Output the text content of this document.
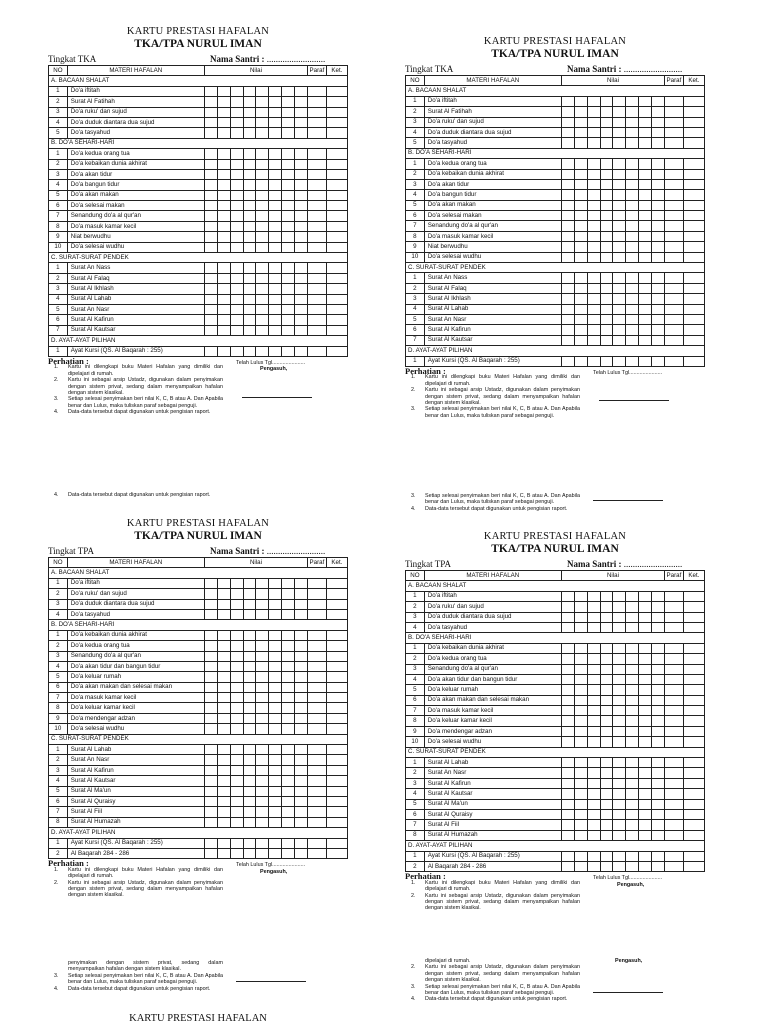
KARTU PRESTASI HAFALAN
TKA/TPA NURUL IMAN
Tingkat TKA	Nama Santri : ..........................
NO	MATERI HAFALAN	Nilai								Paraf	Ket.
A. BACAAN SHALAT											
1	Do'a iftitah										
2	Surat Al Fatihah										
3	Do'a ruku' dan sujud										
4	Do'a duduk diantara dua sujud										
5	Do'a tasyahud										
B. DO'A SEHARI-HARI											
1	Do'a kedua orang tua										
2	Do'a kebaikan dunia akhirat										
3	Do'a akan tidur										
4	Do'a bangun tidur										
5	Do'a akan makan										
6	Do'a selesai makan										
7	Senandung do'a al qur'an										
8	Do'a masuk kamar kecil										
9	Niat berwudhu										
10	Do'a selesai wudhu										
C. SURAT-SURAT PENDEK											
1	Surat An Nass										
2	Surat Al Falaq										
3	Surat Al Ikhlash										
4	Surat Al Lahab										
5	Surat An Nasr										
6	Surat Al Kafirun										
7	Surat Al Kautsar										
D. AYAT-AYAT PILIHAN											
1	Ayat Kursi (QS. Al Baqarah : 255)										
Perhatian :
1. Kartu ini dilengkapi buku Materi Hafalan yang dimiliki dan dipelajari di rumah.
2. Kartu ini sebagai arsip Ustadz, digunakan dalam penyimakan dengan sistem privat, sedang dalam menyampaikan hafalan dengan sistem klasikal.
3. Setiap selesai penyimakan beri nilai K, C, B atau A. Dan Apabila benar dan Lulus, maka tuliskan paraf sebagai penguji.
4. Data-data tersebut dapat digunakan untuk pengisian raport.
Telah Lulus Tgl......................
Pengasuh,
4. Data-data tersebut dapat digunakan untuk pengisian raport.
KARTU PRESTASI HAFALAN
TKA/TPA NURUL IMAN
Tingkat TKA	Nama Santri : ..........................
NO	MATERI HAFALAN	Nilai								Paraf	Ket.
A. BACAAN SHALAT											
1	Do'a iftitah										
2	Surat Al Fatihah										
3	Do'a ruku' dan sujud										
4	Do'a duduk diantara dua sujud										
5	Do'a tasyahud										
B. DO'A SEHARI-HARI											
1	Do'a kedua orang tua										
2	Do'a kebaikan dunia akhirat										
3	Do'a akan tidur										
4	Do'a bangun tidur										
5	Do'a akan makan										
6	Do'a selesai makan										
7	Senandung do'a al qur'an										
8	Do'a masuk kamar kecil										
9	Niat berwudhu										
10	Do'a selesai wudhu										
C. SURAT-SURAT PENDEK											
1	Surat An Nass										
2	Surat Al Falaq										
3	Surat Al Ikhlash										
4	Surat Al Lahab										
5	Surat An Nasr										
6	Surat Al Kafirun										
7	Surat Al Kautsar										
D. AYAT-AYAT PILIHAN											
1	Ayat Kursi (QS. Al Baqarah : 255)										
Perhatian :
1. Kartu ini dilengkapi buku Materi Hafalan yang dimiliki dan dipelajari di rumah.
2. Kartu ini sebagai arsip Ustadz, digunakan dalam penyimakan dengan sistem privat, sedang dalam menyampaikan hafalan dengan sistem klasikal.
3. Setiap selesai penyimakan beri nilai K, C, B atau A. Dan Apabila benar dan Lulus, maka tuliskan paraf sebagai penguji.
Telah Lulus Tgl......................
3. Setiap selesai penyimakan beri nilai K, C, B atau A. Dan Apabila benar dan Lulus, maka tuliskan paraf sebagai penguji.
4. Data-data tersebut dapat digunakan untuk pengisian raport.
KARTU PRESTASI HAFALAN
TKA/TPA NURUL IMAN
Tingkat TPA	Nama Santri : ..........................
NO	MATERI HAFALAN	Nilai								Paraf	Ket.
A. BACAAN SHALAT											
1	Do'a iftitah										
2	Do'a ruku' dan sujud										
3	Do'a duduk diantara dua sujud										
4	Do'a tasyahud										
B. DO'A SEHARI-HARI											
1	Do'a kebaikan dunia akhirat										
2	Do'a kedua orang tua										
3	Senandung do'a al qur'an										
4	Do'a akan tidur dan bangun tidur										
5	Do'a keluar rumah										
6	Do'a akan makan dan selesai makan										
7	Do'a masuk kamar kecil										
8	Do'a keluar kamar kecil										
9	Do'a mendengar adzan										
10	Do'a selesai wudhu										
C. SURAT-SURAT PENDEK											
1	Surat Al Lahab										
2	Surat An Nasr										
3	Surat Al Kafirun										
4	Surat Al Kautsar										
5	Surat Al Ma'un										
6	Surat Al Quraisy										
7	Surat Al Fiil										
8	Surat Al Humazah										
D. AYAT-AYAT PILIHAN											
1	Ayat Kursi (QS. Al Baqarah : 255)										
2	Al Baqarah 284 - 286										
Perhatian :
1. Kartu ini dilengkapi buku Materi Hafalan yang dimiliki dan dipelajari di rumah.
2. Kartu ini sebagai arsip Ustadz, digunakan dalam penyimakan dengan sistem privat, sedang dalam menyampaikan hafalan dengan sistem klasikal.
Telah Lulus Tgl......................
Pengasuh,
penyimakan dengan sistem privat, sedang dalam menyampaikan hafalan dengan sistem klasikal.
3. Setiap selesai penyimakan beri nilai K, C, B atau A. Dan Apabila benar dan Lulus, maka tuliskan paraf sebagai penguji.
4. Data-data tersebut dapat digunakan untuk pengisian raport.
KARTU PRESTASI HAFALAN
KARTU PRESTASI HAFALAN
TKA/TPA NURUL IMAN
Tingkat TPA	Nama Santri : ..........................
NO	MATERI HAFALAN	Nilai								Paraf	Ket.
A. BACAAN SHALAT											
1	Do'a iftitah										
2	Do'a ruku' dan sujud										
3	Do'a duduk diantara dua sujud										
4	Do'a tasyahud										
B. DO'A SEHARI-HARI											
1	Do'a kebaikan dunia akhirat										
2	Do'a kedua orang tua										
3	Senandung do'a al qur'an										
4	Do'a akan tidur dan bangun tidur										
5	Do'a keluar rumah										
6	Do'a akan makan dan selesai makan										
7	Do'a masuk kamar kecil										
8	Do'a keluar kamar kecil										
9	Do'a mendengar adzan										
10	Do'a selesai wudhu										
C. SURAT-SURAT PENDEK											
1	Surat Al Lahab										
2	Surat An Nasr										
3	Surat Al Kafirun										
4	Surat Al Kautsar										
5	Surat Al Ma'un										
6	Surat Al Quraisy										
7	Surat Al Fiil										
8	Surat Al Humazah										
D. AYAT-AYAT PILIHAN											
1	Ayat Kursi (QS. Al Baqarah : 255)										
2	Al Baqarah 284 - 286										
Perhatian :
1. Kartu ini dilengkapi buku Materi Hafalan yang dimiliki dan dipelajari di rumah.
2. Kartu ini sebagai arsip Ustadz, digunakan dalam penyimakan dengan sistem privat, sedang dalam menyampaikan hafalan dengan sistem klasikal.
Telah Lulus Tgl......................
Pengasuh,
dipelajari di rumah.	Pengasuh,
2. Kartu ini sebagai arsip Ustadz, digunakan dalam penyimakan dengan sistem privat, sedang dalam menyampaikan hafalan dengan sistem klasikal.
3. Setiap selesai penyimakan beri nilai K, C, B atau A. Dan Apabila benar dan Lulus, maka tuliskan paraf sebagai penguji.
4. Data-data tersebut dapat digunakan untuk pengisian raport.
